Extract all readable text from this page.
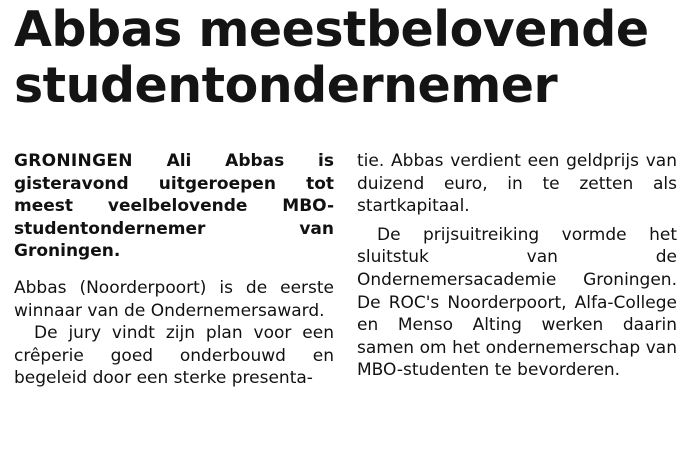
Abbas meestbelovende
studentondernemer

GRONINGEN Ali Abbas is gisteravond uitgeroepen tot meest veelbelovende MBO-studentondernemer van Groningen.

Abbas (Noorderpoort) is de eerste winnaar van de Ondernemersaward.

De jury vindt zijn plan voor een crêperie goed onderbouwd en begeleid door een sterke presenta-

tie. Abbas verdient een geldprijs van duizend euro, in te zetten als startkapitaal.

De prijsuitreiking vormde het sluitstuk van de Ondernemersacademie Groningen. De ROC's Noorderpoort, Alfa-College en Menso Alting werken daarin samen om het ondernemerschap van MBO-studenten te bevorderen.
